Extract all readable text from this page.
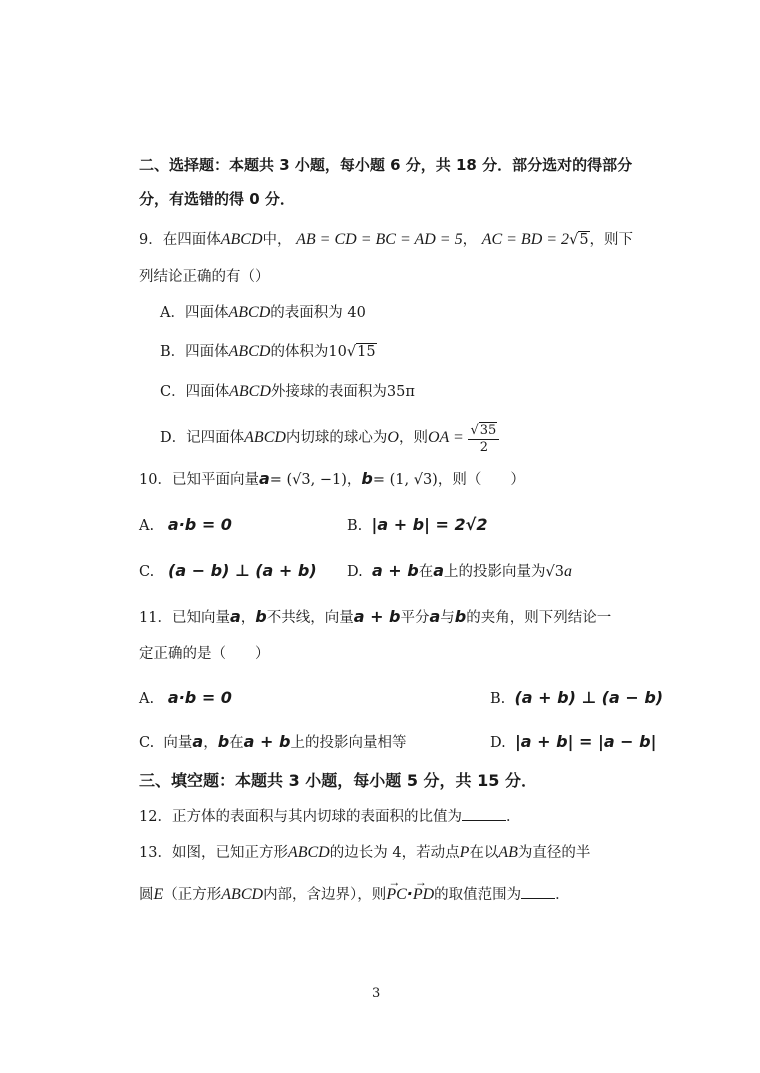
二、选择题：本题共 3 小题，每小题 6 分，共 18 分．部分选对的得部分
分，有选错的得 0 分．
9．在四面体ABCD中， AB = CD = BC = AD = 5， AC = BD = 2√5，则下
列结论正确的有（）
A．四面体ABCD的表面积为 40
B．四面体ABCD的体积为10√15
C．四面体ABCD外接球的表面积为35π
D．记四面体ABCD内切球的球心为O，则OA = $\frac{√35}{2}$
10．已知平面向量a= (√3, −1)，b= (1, √3)，则（　　）
A. a·b = 0	B. |a + b| = 2√2
C. (a − b) ⊥ (a + b) D. a + b在a上的投影向量为√3a
11．已知向量a，b不共线，向量a + b平分a与b的夹角，则下列结论一
定正确的是（　　）
A. a·b = 0	B. (a + b) ⊥ (a − b)
C. 向量a，b在a + b上的投影向量相等	D. |a + b| = |a − b|
三、填空题：本题共 3 小题，每小题 5 分，共 15 分．
12．正方体的表面积与其内切球的表面积的比值为	．
13．如图，已知正方形ABCD的边长为 4，若动点P在以AB为直径的半
圆E（正方形ABCD内部，含边界），则→ PC·→ PD的取值范围为 ．
3
